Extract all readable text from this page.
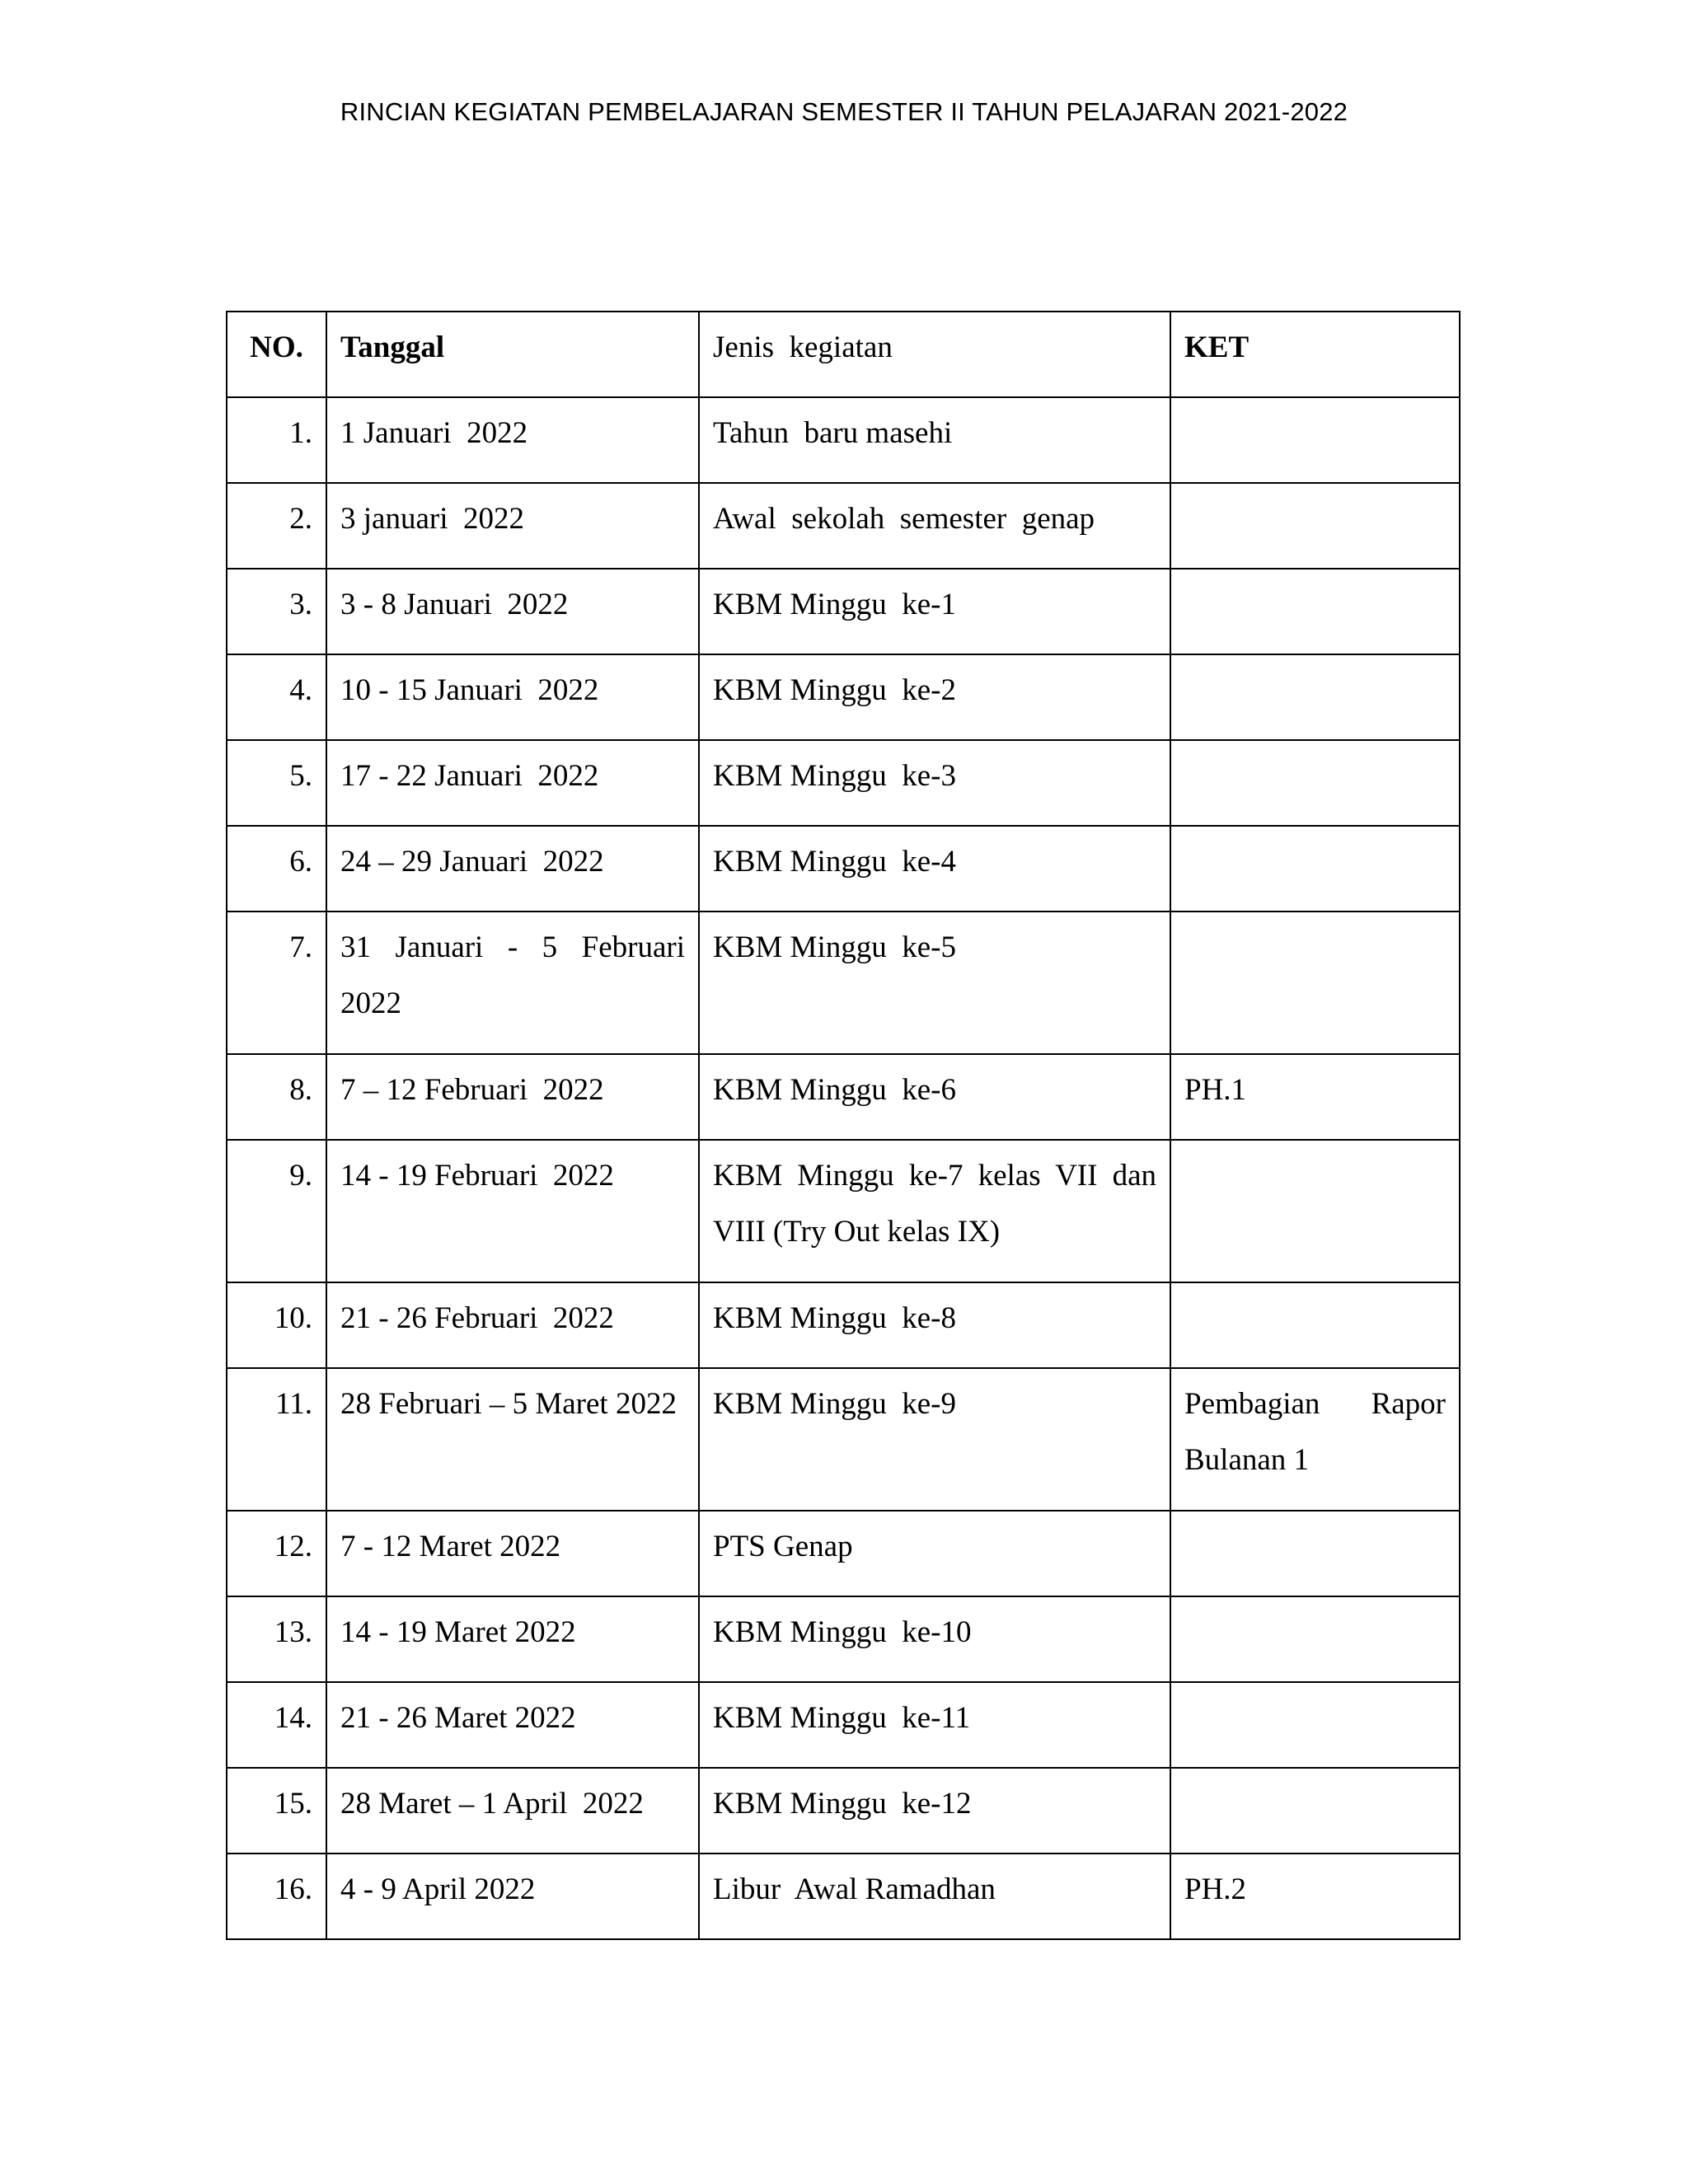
RINCIAN KEGIATAN PEMBELAJARAN SEMESTER II TAHUN PELAJARAN 2021-2022
NO.	Tanggal	Jenis  kegiatan	KET
1.	1 Januari  2022	Tahun  baru masehi	
2.	3 januari  2022	Awal  sekolah  semester  genap	
3.	3 - 8 Januari  2022	KBM Minggu  ke-1	
4.	10 - 15 Januari  2022	KBM Minggu  ke-2	
5.	17 - 22 Januari  2022	KBM Minggu  ke-3	
6.	24 – 29 Januari  2022	KBM Minggu  ke-4	
7.	31 Januari - 5 Februari 2022	KBM Minggu  ke-5	
8.	7 – 12 Februari  2022	KBM Minggu  ke-6	PH.1
9.	14 - 19 Februari  2022	KBM Minggu ke-7 kelas VII dan VIII (Try Out kelas IX)	
10.	21 - 26 Februari  2022	KBM Minggu  ke-8	
11.	28 Februari – 5 Maret 2022	KBM Minggu  ke-9	Pembagian Rapor Bulanan 1
12.	7 - 12 Maret 2022	PTS Genap	
13.	14 - 19 Maret 2022	KBM Minggu  ke-10	
14.	21 - 26 Maret 2022	KBM Minggu  ke-11	
15.	28 Maret – 1 April  2022	KBM Minggu  ke-12	
16.	4 - 9 April 2022	Libur  Awal Ramadhan	PH.2
